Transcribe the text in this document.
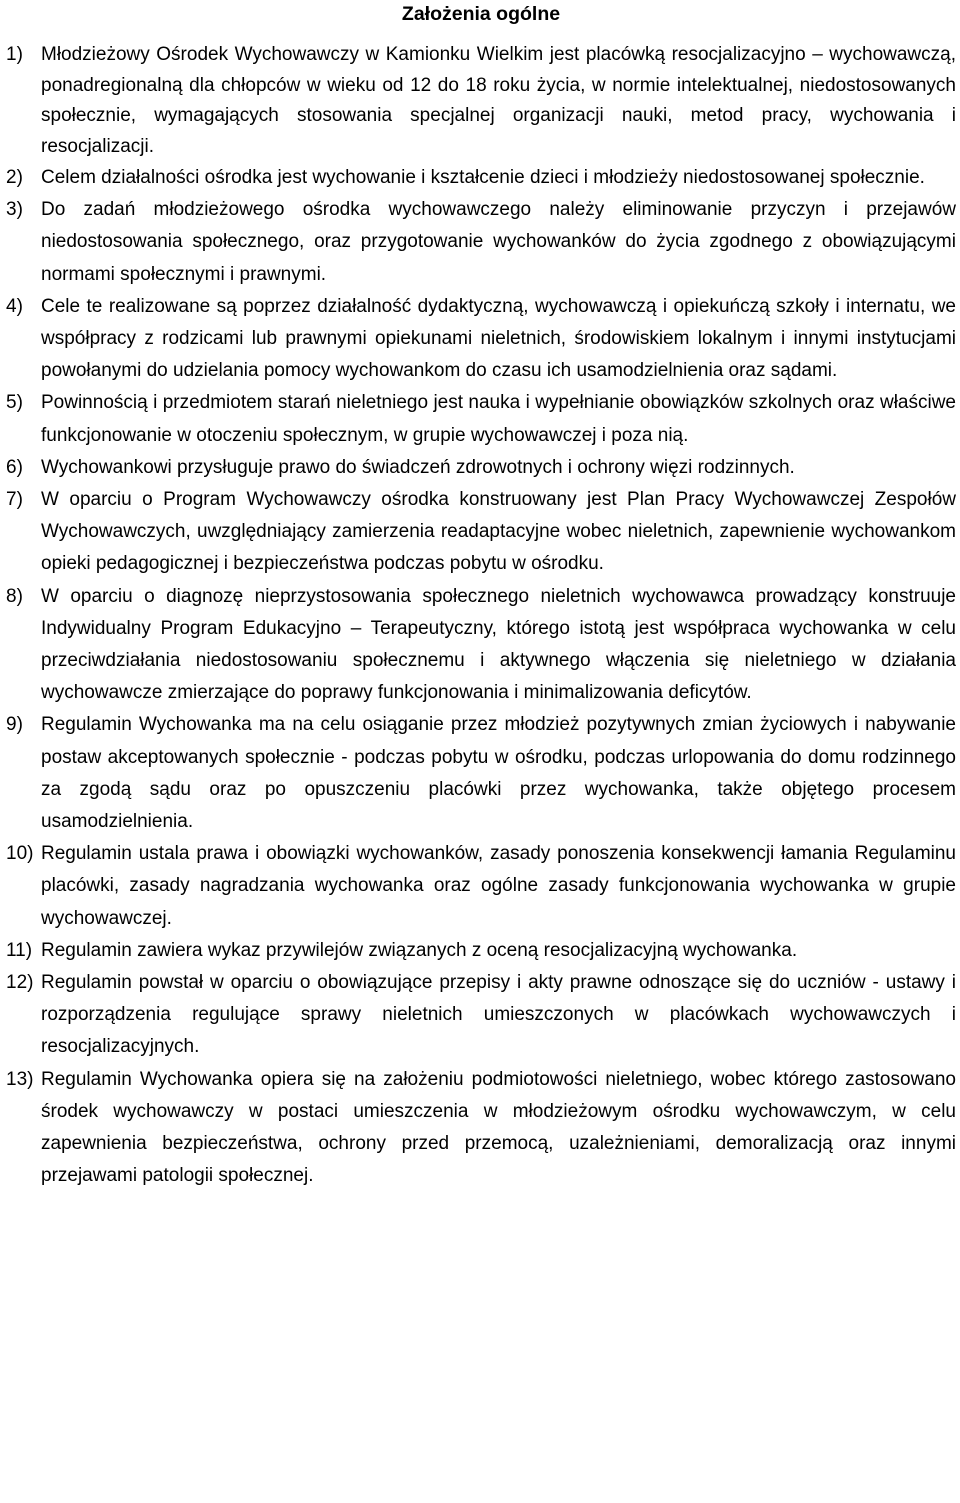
Założenia ogólne
1) Młodzieżowy Ośrodek Wychowawczy w Kamionku Wielkim jest placówką resocjalizacyjno – wychowawczą, ponadregionalną dla chłopców w wieku od 12 do 18 roku życia, w normie intelektualnej, niedostosowanych społecznie, wymagających stosowania specjalnej organizacji nauki, metod pracy, wychowania i resocjalizacji.
2) Celem działalności ośrodka jest wychowanie i kształcenie dzieci i młodzieży niedostosowanej społecznie.
3) Do zadań młodzieżowego ośrodka wychowawczego należy eliminowanie przyczyn i przejawów niedostosowania społecznego, oraz przygotowanie wychowanków do życia zgodnego z obowiązującymi normami społecznymi i prawnymi.
4) Cele te realizowane są poprzez działalność dydaktyczną, wychowawczą i opiekuńczą szkoły i internatu, we współpracy z rodzicami lub prawnymi opiekunami nieletnich, środowiskiem lokalnym i innymi instytucjami powołanymi do udzielania pomocy wychowankom do czasu ich usamodzielnienia oraz sądami.
5) Powinnością i przedmiotem starań nieletniego jest nauka i wypełnianie obowiązków szkolnych oraz właściwe funkcjonowanie w otoczeniu społecznym, w grupie wychowawczej i poza nią.
6) Wychowankowi przysługuje prawo do świadczeń zdrowotnych i ochrony więzi rodzinnych.
7) W oparciu o Program Wychowawczy ośrodka konstruowany jest Plan Pracy Wychowawczej Zespołów Wychowawczych, uwzględniający zamierzenia readaptacyjne wobec nieletnich, zapewnienie wychowankom opieki pedagogicznej i bezpieczeństwa podczas pobytu w ośrodku.
8) W oparciu o diagnozę nieprzystosowania społecznego nieletnich wychowawca prowadzący konstruuje Indywidualny Program Edukacyjno – Terapeutyczny, którego istotą jest współpraca wychowanka w celu przeciwdziałania niedostosowaniu społecznemu i aktywnego włączenia się nieletniego w działania wychowawcze zmierzające do poprawy funkcjonowania i minimalizowania deficytów.
9) Regulamin Wychowanka ma na celu osiąganie przez młodzież pozytywnych zmian życiowych i nabywanie postaw akceptowanych społecznie - podczas pobytu w ośrodku, podczas urlopowania do domu rodzinnego za zgodą sądu oraz po opuszczeniu placówki przez wychowanka, także objętego procesem usamodzielnienia.
10) Regulamin ustala prawa i obowiązki wychowanków, zasady ponoszenia konsekwencji łamania Regulaminu placówki, zasady nagradzania wychowanka oraz ogólne zasady funkcjonowania wychowanka w grupie wychowawczej.
11) Regulamin zawiera wykaz przywilejów związanych z oceną resocjalizacyjną wychowanka.
12) Regulamin powstał w oparciu o obowiązujące przepisy i akty prawne odnoszące się do uczniów - ustawy i rozporządzenia regulujące sprawy nieletnich umieszczonych w placówkach wychowawczych i resocjalizacyjnych.
13) Regulamin Wychowanka opiera się na założeniu podmiotowości nieletniego, wobec którego zastosowano środek wychowawczy w postaci umieszczenia w młodzieżowym ośrodku wychowawczym, w celu zapewnienia bezpieczeństwa, ochrony przed przemocą, uzależnieniami, demoralizacją oraz innymi przejawami patologii społecznej.
